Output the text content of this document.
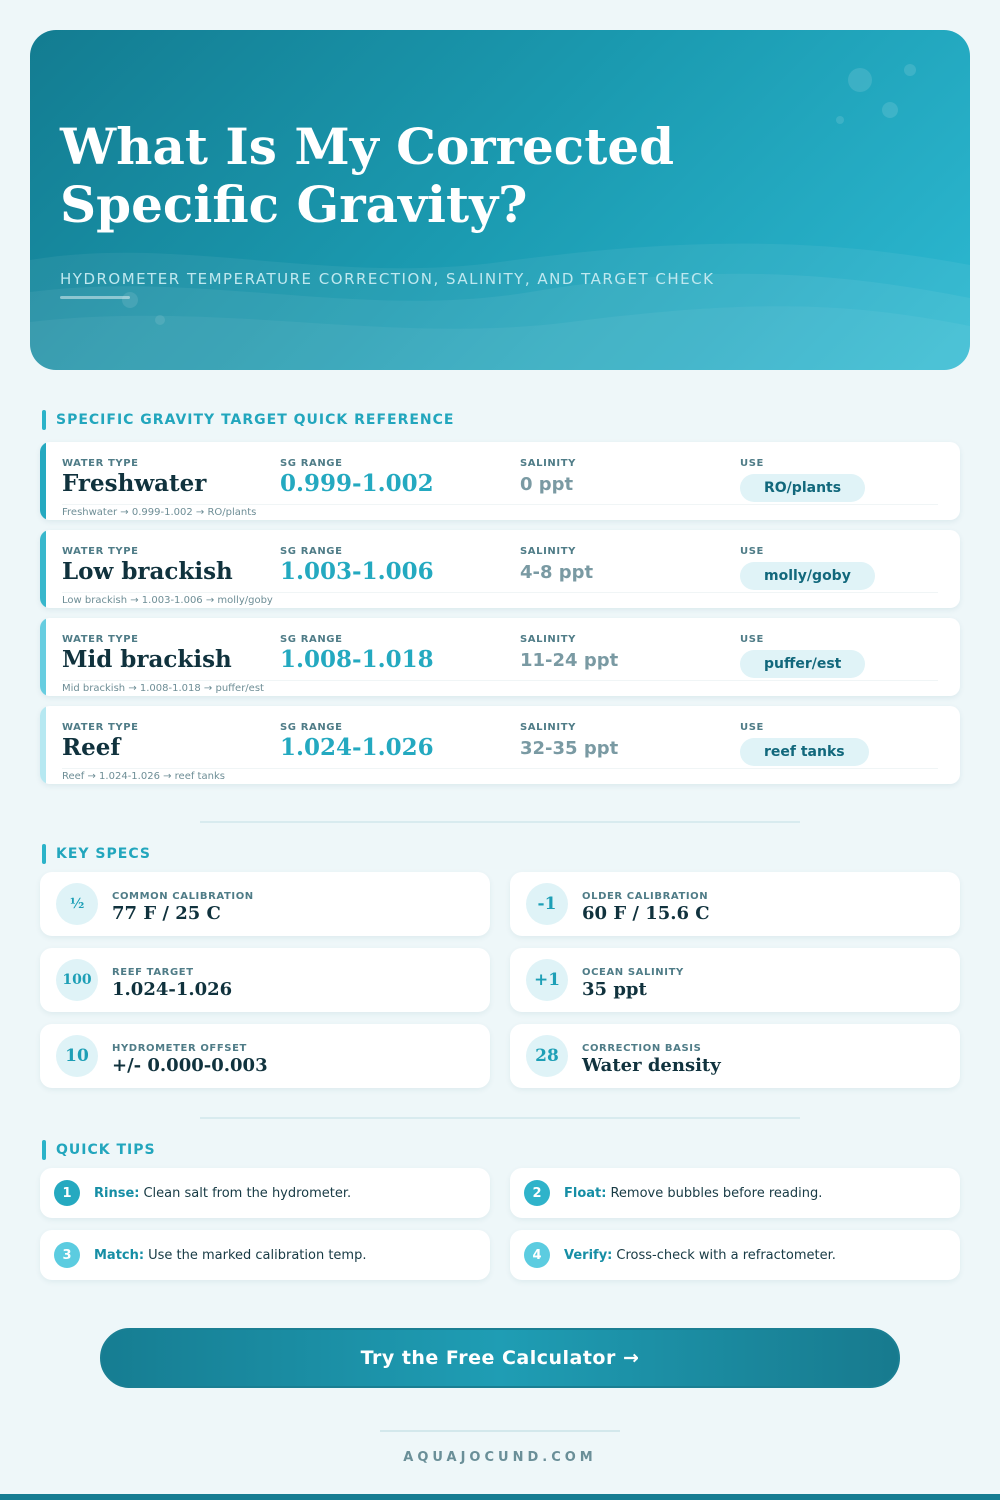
What Is My Corrected Specific Gravity?
HYDROMETER TEMPERATURE CORRECTION, SALINITY, AND TARGET CHECK
SPECIFIC GRAVITY TARGET QUICK REFERENCE
WATER TYPE	SG RANGE	SALINITY	USE
Freshwater	0.999-1.002	0 ppt	RO/plants
Freshwater → 0.999-1.002 → RO/plants
WATER TYPE	SG RANGE	SALINITY	USE
Low brackish 1.003-1.006	4-8 ppt	molly/goby
Low brackish → 1.003-1.006 → molly/goby
WATER TYPE	SG RANGE	SALINITY	USE
Mid brackish 1.008-1.018	11-24 ppt	puffer/est
Mid brackish → 1.008-1.018 → puffer/est
WATER TYPE	SG RANGE	SALINITY	USE
Reef	1.024-1.026	32-35 ppt	reef tanks
Reef → 1.024-1.026 → reef tanks
KEY SPECS
½	COMMON CALIBRATION
77 F / 25 C	-1	OLDER CALIBRATION
60 F / 15.6 C
100	REEF TARGET
1.024-1.026	+1	OCEAN SALINITY
35 ppt
10	HYDROMETER OFFSET
+/- 0.000-0.003	28	CORRECTION BASIS
Water density
QUICK TIPS
1	Rinse: Clean salt from the hydrometer.	2	Float: Remove bubbles before reading.
3	Match: Use the marked calibration temp.	4	Verify: Cross-check with a refractometer.
Try the Free Calculator →
AQUAJOCUND.COM
